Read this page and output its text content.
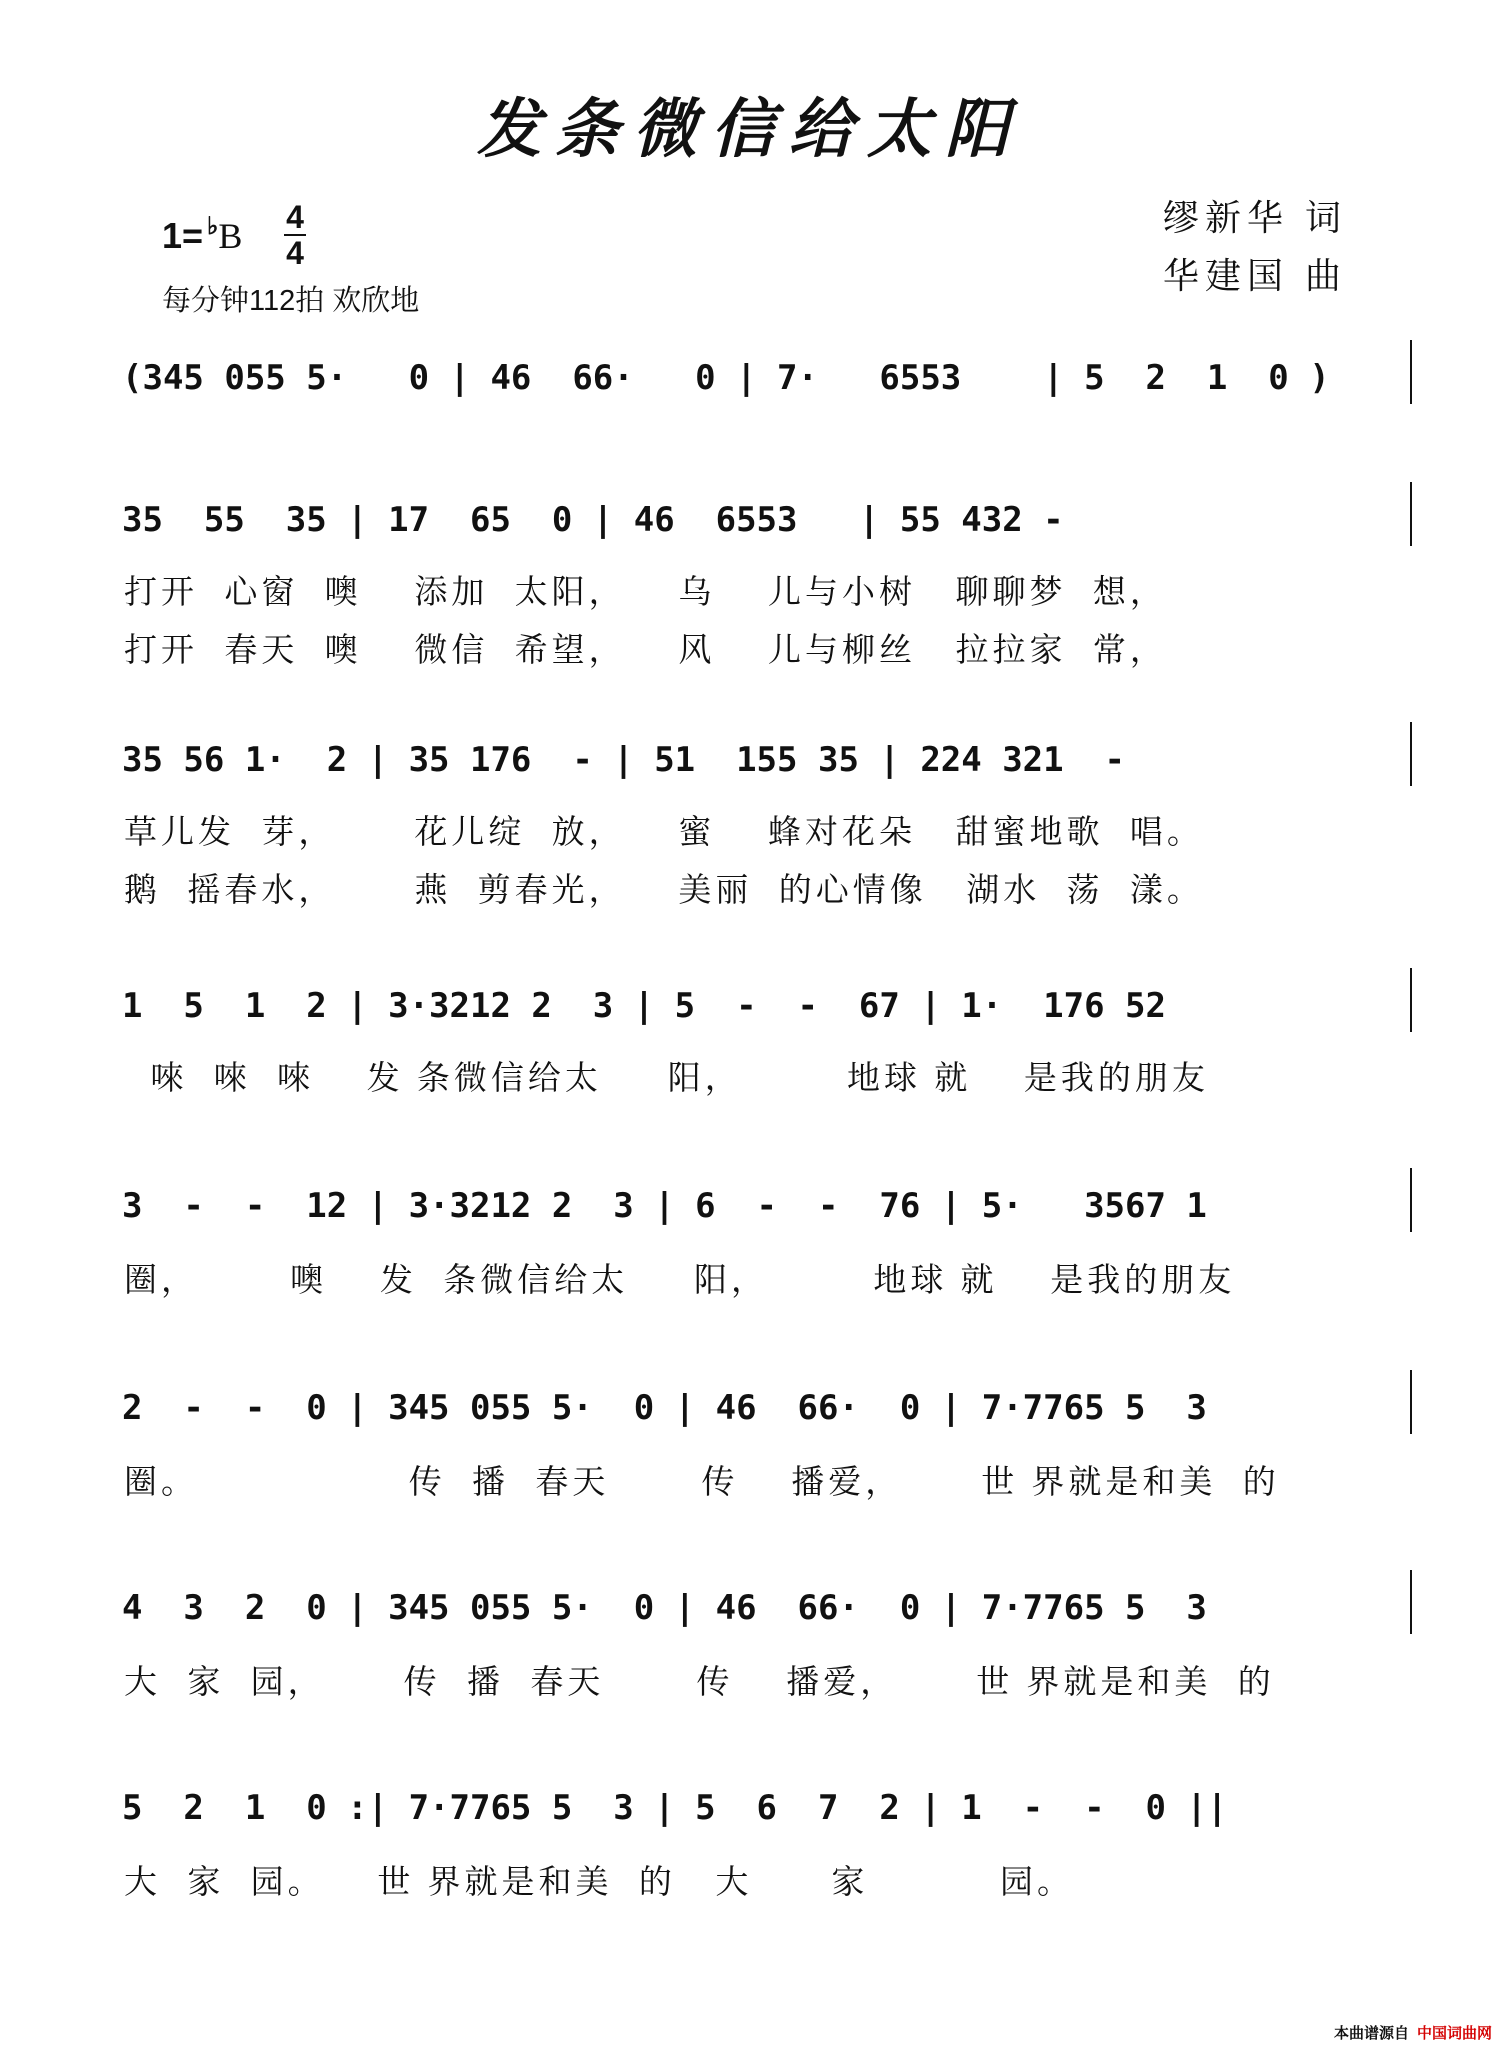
发条微信给太阳
1= ♭B 4
4
每分钟112拍 欢欣地
缪新华 词
华建国 曲
(345 055 5·   0 | 46  66·   0 | 7·   6553    | 5  2  1  0 )
35  55  35 | 17  65  0 | 46  6553   | 55 432 -
打开  心窗  噢    添加  太阳，    乌    儿与小树   聊聊梦  想，
打开  春天  噢    微信  希望，    风    儿与柳丝   拉拉家  常，
35 56 1·  2 | 35 176  - | 51  155 35 | 224 321  -
草儿发  芽，      花儿绽  放，    蜜    蜂对花朵   甜蜜地歌  唱。
鹅  摇春水，      燕  剪春光，    美丽  的心情像   湖水  荡  漾。
1  5  1  2 | 3·3212 2  3 | 5  -  -  67 | 1·  176 52
唻  唻  唻    发 条微信给太     阳，        地球 就    是我的朋友
3  -  -  12 | 3·3212 2  3 | 6  -  -  76 | 5·   3567 1
圈，       噢    发  条微信给太     阳，        地球 就    是我的朋友
2  -  -  0 | 345 055 5·  0 | 46  66·  0 | 7·7765 5  3
圈。                传  播  春天       传    播爱，      世 界就是和美  的
4  3  2  0 | 345 055 5·  0 | 46  66·  0 | 7·7765 5  3
大  家  园，      传  播  春天       传    播爱，      世 界就是和美  的
5  2  1  0 :| 7·7765 5  3 | 5  6  7  2 | 1  -  -  0 ||
大  家  园。    世 界就是和美  的   大      家          园。
本曲谱源自 中国词曲网
